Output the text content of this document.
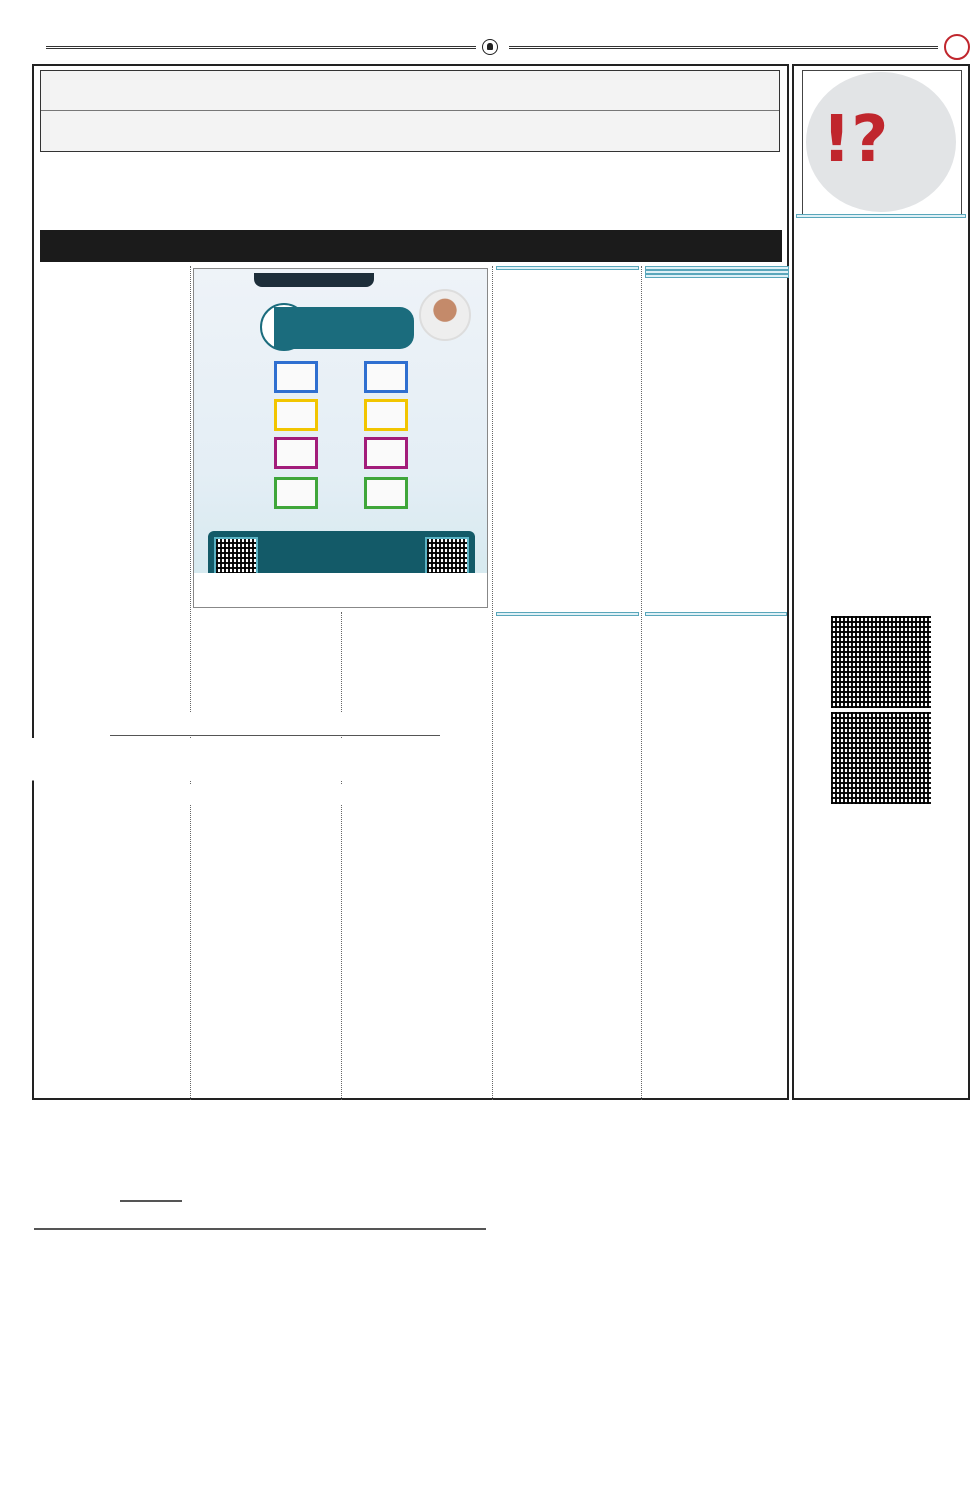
!?
